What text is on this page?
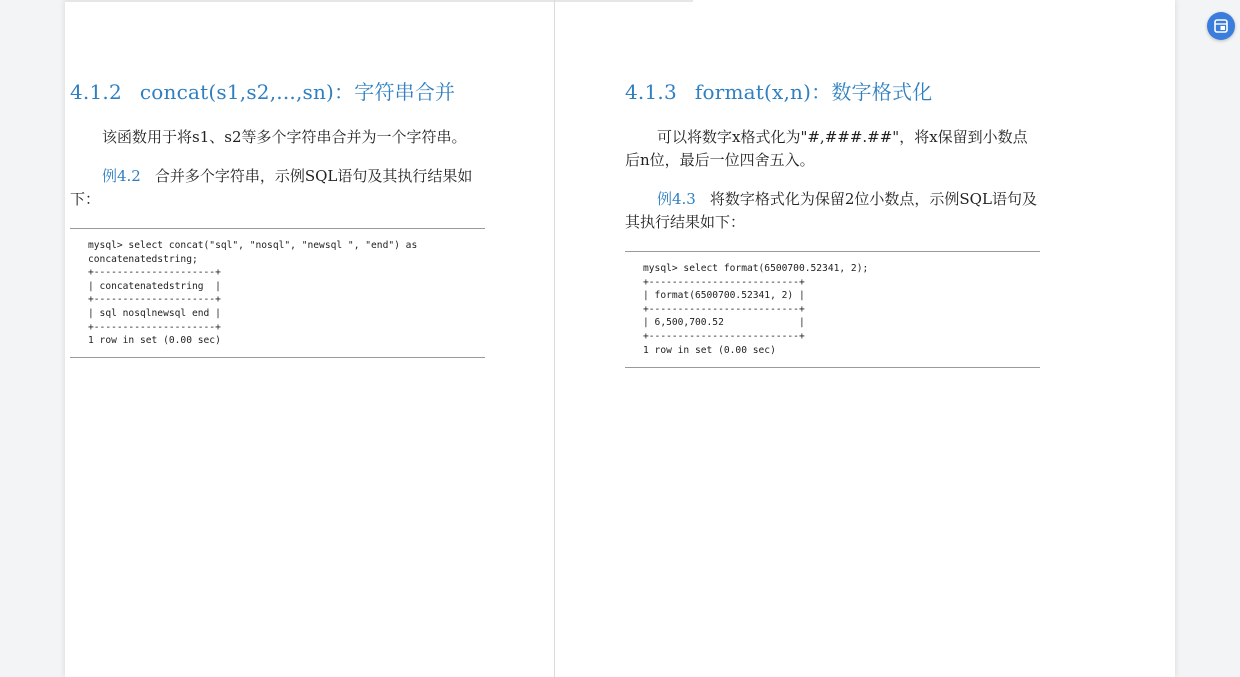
4.1.2 concat(s1,s2,...,sn)：字符串合并
该函数用于将s1、s2等多个字符串合并为一个字符串。
例4.2 合并多个字符串，示例SQL语句及其执行结果如下：
mysql> select concat("sql", "nosql", "newsql ", "end") as
concatenatedstring;
+---------------------+
| concatenatedstring  |
+---------------------+
| sql nosqlnewsql end |
+---------------------+
1 row in set (0.00 sec)
4.1.3 format(x,n)：数字格式化
可以将数字x格式化为"#,###.##"，将x保留到小数点后n位，最后一位四舍五入。
例4.3 将数字格式化为保留2位小数点，示例SQL语句及其执行结果如下：
mysql> select format(6500700.52341, 2);
+--------------------------+
| format(6500700.52341, 2) |
+--------------------------+
| 6,500,700.52             |
+--------------------------+
1 row in set (0.00 sec)
